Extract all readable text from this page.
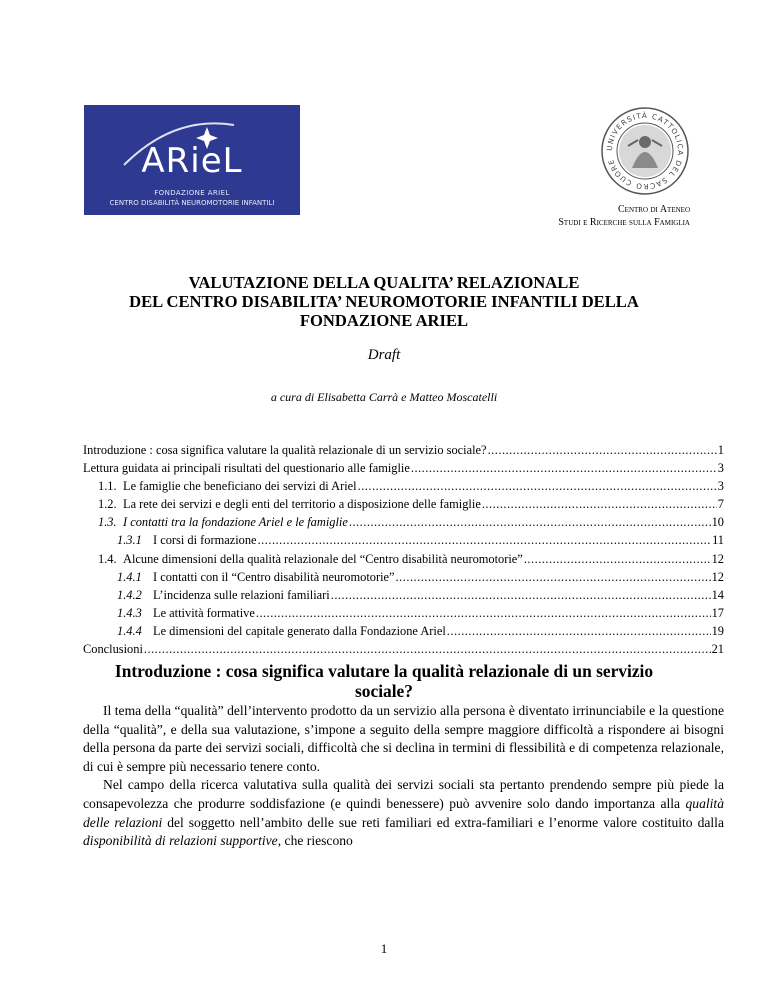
ARieL
FONDAZIONE ARIEL
CENTRO DISABILITÀ NEUROMOTORIE INFANTILI
UNIVERSITÀ CATTOLICA DEL SACRO CUORE
Centro di Ateneo
Studi e Ricerche sulla Famiglia
VALUTAZIONE DELLA QUALITA’ RELAZIONALE
DEL CENTRO DISABILITA’ NEUROMOTORIE INFANTILI DELLA
FONDAZIONE ARIEL
Draft
a cura di Elisabetta Carrà e Matteo Moscatelli
Introduzione : cosa significa valutare la qualità relazionale di un servizio sociale? .....	1
Lettura guidata ai principali risultati del questionario alle famiglie .....	3
1.1. Le famiglie che beneficiano dei servizi di Ariel .....	3
1.2. La rete dei servizi e degli enti del territorio a disposizione delle famiglie .....	7
1.3. I contatti tra la fondazione Ariel e le famiglie .....	10
1.3.1 I corsi di formazione .....	11
1.4. Alcune dimensioni della qualità relazionale del “Centro disabilità neuromotorie” .....	12
1.4.1 I contatti con il “Centro disabilità neuromotorie” .....	12
1.4.2 L’incidenza sulle relazioni familiari .....	14
1.4.3 Le attività formative .....	17
1.4.4 Le dimensioni del capitale generato dalla Fondazione Ariel .....	19
Conclusioni .....	21
Introduzione : cosa significa valutare la qualità relazionale di un servizio
sociale?

Il tema della “qualità” dell’intervento prodotto da un servizio alla persona è diventato irrinunciabile e la questione della “qualità”, e della sua valutazione, s’impone a seguito della sempre maggiore difficoltà a rispondere ai bisogni della persona da parte dei servizi sociali, difficoltà che si declina in termini di flessibilità e di competenza relazionale, di cui è sempre più necessario tenere conto.

Nel campo della ricerca valutativa sulla qualità dei servizi sociali sta pertanto prendendo sempre più piede la consapevolezza che produrre soddisfazione (e quindi benessere) può avvenire solo dando importanza alla qualità delle relazioni del soggetto nell’ambito delle sue reti familiari ed extra-familiari e l’enorme valore costituito dalla disponibilità di relazioni supportive, che riescono

1
